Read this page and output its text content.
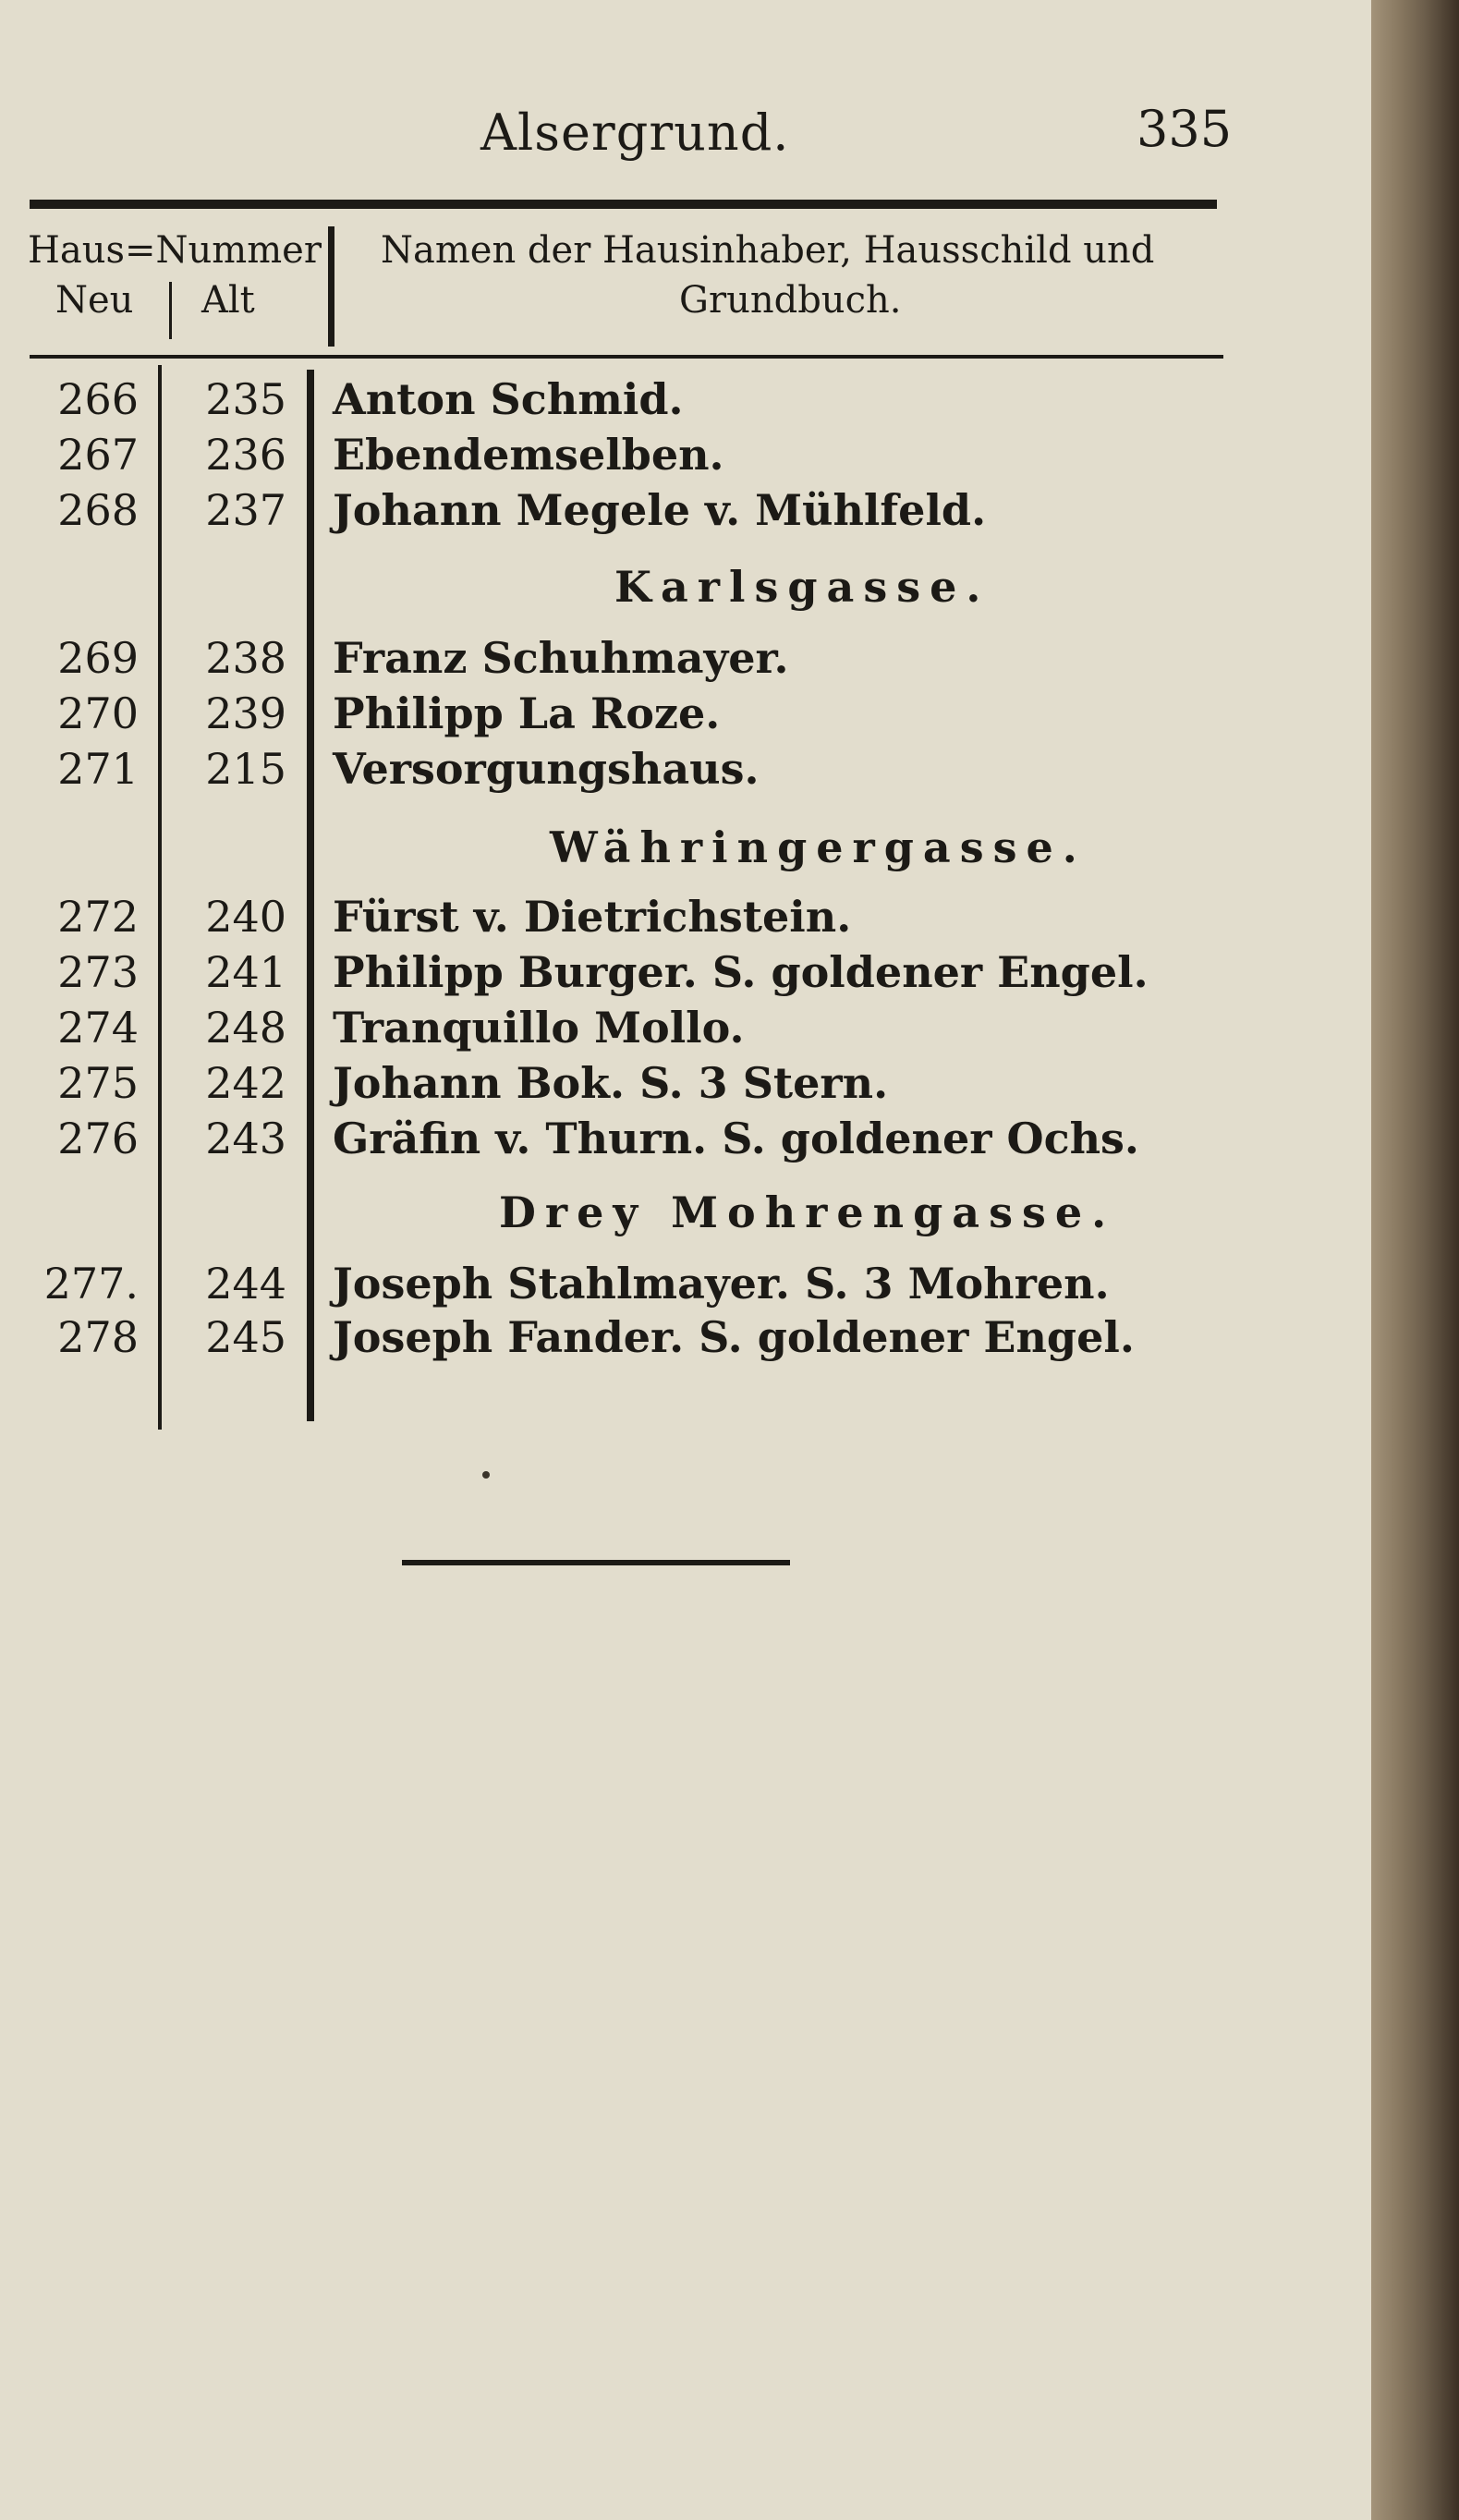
Alsergrund.	335
Haus=Nummer
Neu Alt
Namen der Hausinhaber, Hausschild und
Grundbuch.
266	235 Anton Schmid.
267	236 Ebendemselben.
268	237 Johann Megele v. Mühlfeld.
Karlsgasse.
269	238 Franz Schuhmayer.
270	239 Philipp La Roze.
271	215 Versorgungshaus.
Währingergasse.
272	240 Fürst v. Dietrichstein.
273	241 Philipp Burger. S. goldener Engel.
274	248 Tranquillo Mollo.
275	242 Johann Bok. S. 3 Stern.
276	243 Gräfin v. Thurn. S. goldener Ochs.
Drey Mohrengasse.
277.	244 Joseph Stahlmayer. S. 3 Mohren.
278	245 Joseph Fander. S. goldener Engel.
